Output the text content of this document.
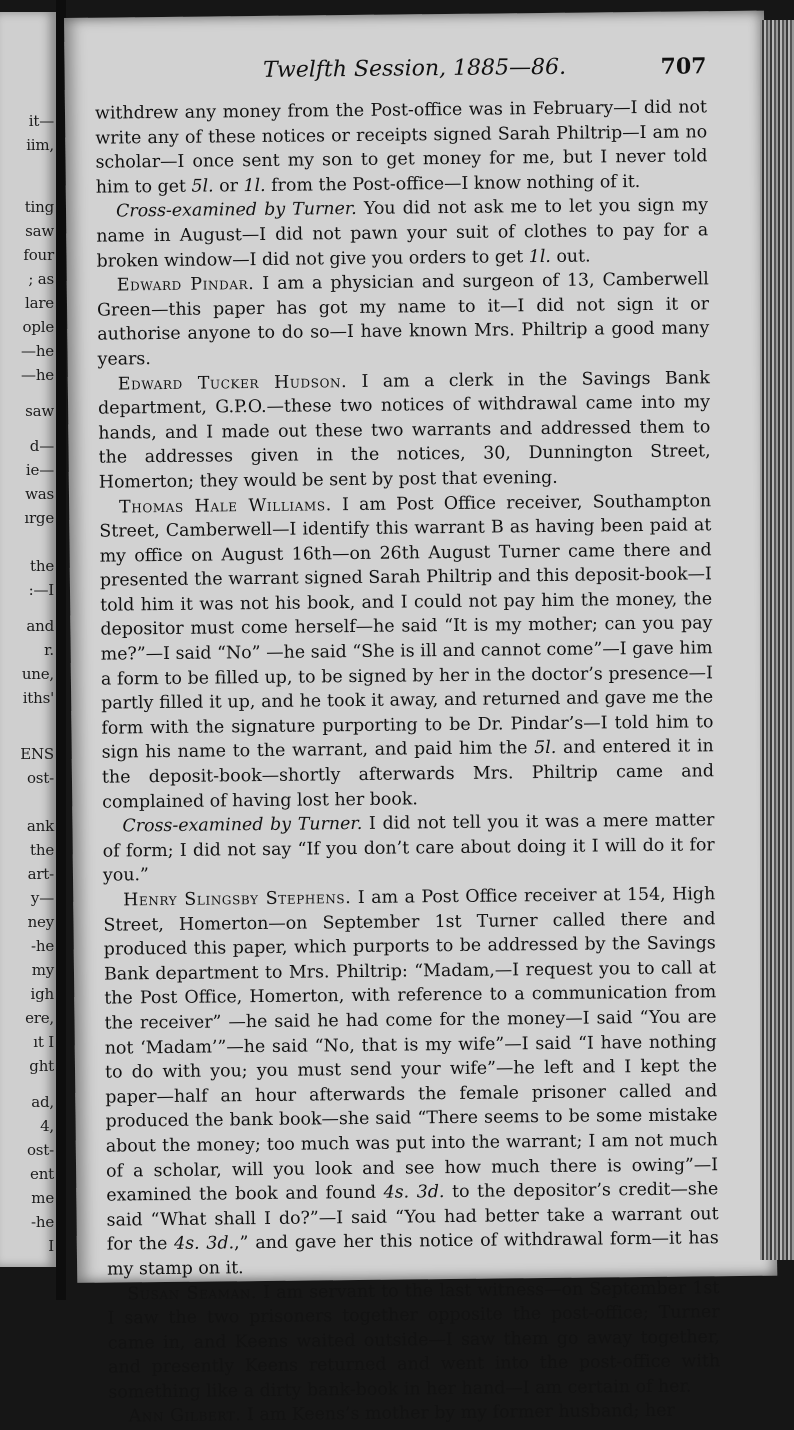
it—
iim,
ting
saw
four
; as
lare
ople
—he
—he
saw
d—
ie—
was
ırge
the
:—I
and
r.
une,
iths'
ENS
ost-
ank
the
art-
y—
ney
-he
my
igh
ere,
ıt I
ght
ad,
4,
ost-
ent
me
-he
I
Twelfth Session, 1885—86.	707

withdrew any money from the Post-office was in February—I did not write any of these notices or receipts signed Sarah Philtrip—I am no scholar—I once sent my son to get money for me, but I never told him to get 5l. or 1l. from the Post-office—I know nothing of it.

Cross-examined by Turner. You did not ask me to let you sign my name in August—I did not pawn your suit of clothes to pay for a broken window—I did not give you orders to get 1l. out.

Edward Pindar. I am a physician and surgeon of 13, Camberwell Green—this paper has got my name to it—I did not sign it or authorise anyone to do so—I have known Mrs. Philtrip a good many years.

Edward Tucker Hudson. I am a clerk in the Savings Bank department, G.P.O.—these two notices of withdrawal came into my hands, and I made out these two warrants and addressed them to the addresses given in the notices, 30, Dunnington Street, Homerton; they would be sent by post that evening.

Thomas Hale Williams. I am Post Office receiver, Southampton Street, Camberwell—I identify this warrant B as having been paid at my office on August 16th—on 26th August Turner came there and presented the warrant signed Sarah Philtrip and this deposit-book—I told him it was not his book, and I could not pay him the money, the depositor must come herself—he said “It is my mother; can you pay me?”—I said “No” —he said “She is ill and cannot come”—I gave him a form to be filled up, to be signed by her in the doctor’s presence—I partly filled it up, and he took it away, and returned and gave me the form with the signature purporting to be Dr. Pindar’s—I told him to sign his name to the warrant, and paid him the 5l. and entered it in the deposit-book—shortly afterwards Mrs. Philtrip came and complained of having lost her book.

Cross-examined by Turner. I did not tell you it was a mere matter of form; I did not say “If you don’t care about doing it I will do it for you.”

Henry Slingsby Stephens. I am a Post Office receiver at 154, High Street, Homerton—on September 1st Turner called there and produced this paper, which purports to be addressed by the Savings Bank department to Mrs. Philtrip: “Madam,—I request you to call at the Post Office, Homerton, with reference to a communication from the receiver” —he said he had come for the money—I said “You are not ‘Madam’”—he said “No, that is my wife”—I said “I have nothing to do with you; you must send your wife”—he left and I kept the paper—half an hour afterwards the female prisoner called and produced the bank book—she said “There seems to be some mistake about the money; too much was put into the warrant; I am not much of a scholar, will you look and see how much there is owing”—I examined the book and found 4s. 3d. to the depositor’s credit—she said “What shall I do?”—I said “You had better take a warrant out for the 4s. 3d.,” and gave her this notice of withdrawal form—it has my stamp on it.

Susan Seaman. I am servant to the last witness—on September 1st I saw the two prisoners together opposite the post-office; Turner came in, and Keens waited outside—I saw them go away together, and presently Keens returned and went into the post-office with something like a dirty bank-book in her hand—I am certain of her.

Ann Gilbert. I am Keens’s mother by my former husband; her
